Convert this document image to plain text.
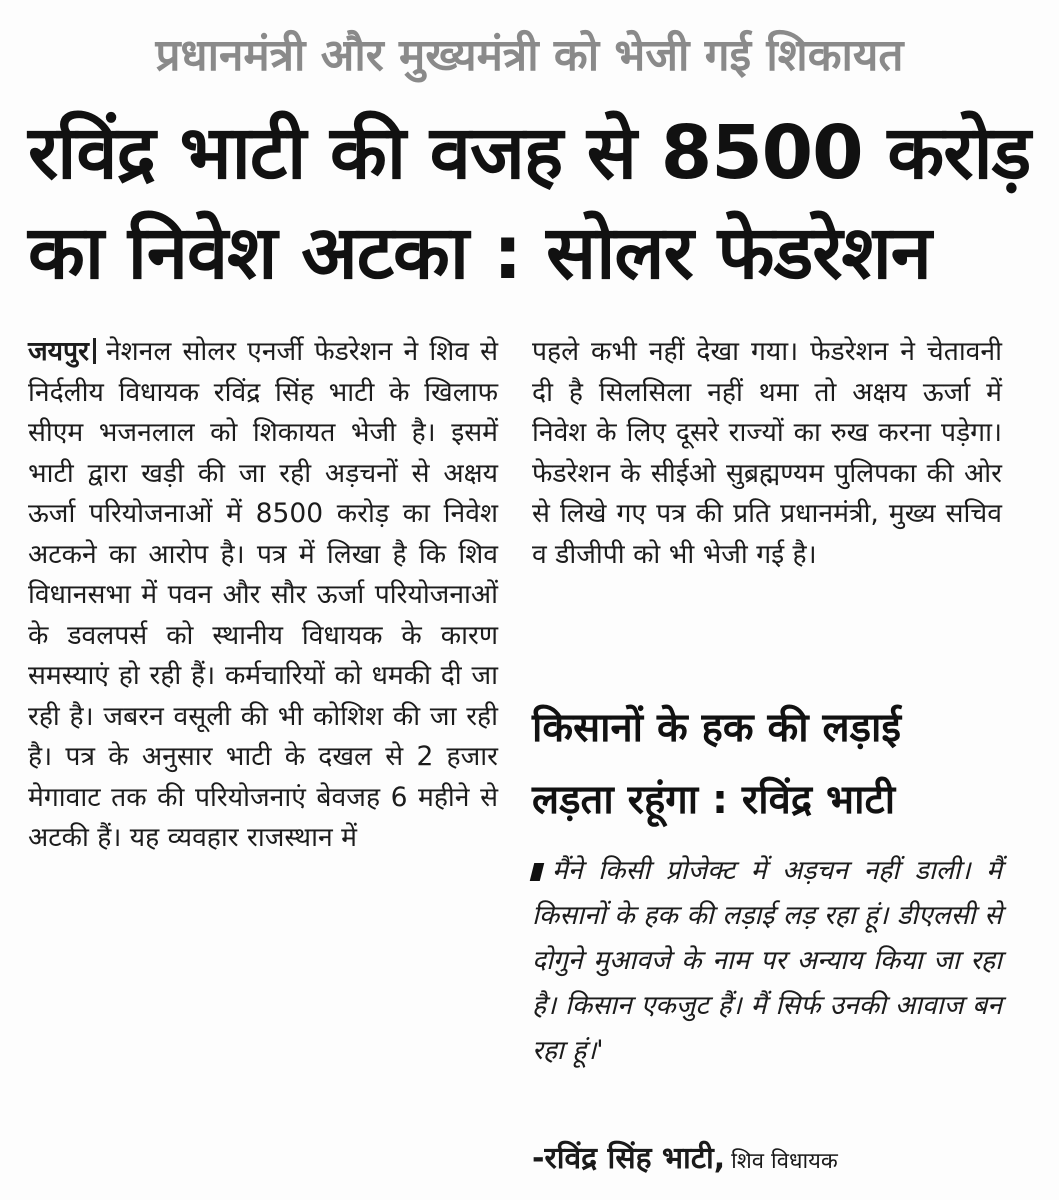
प्रधानमंत्री और मुख्यमंत्री को भेजी गई शिकायत
रविंद्र भाटी की वजह से 8500 करोड़
का निवेश अटका : सोलर फेडरेशन
जयपुर नेशनल सोलर एनर्जी फेडरेशन ने शिव से निर्दलीय विधायक रविंद्र सिंह भाटी के खिलाफ सीएम भजनलाल को शिकायत भेजी है। इसमें भाटी द्वारा खड़ी की जा रही अड़चनों से अक्षय ऊर्जा परियोजनाओं में 8500 करोड़ का निवेश अटकने का आरोप है। पत्र में लिखा है कि शिव विधानसभा में पवन और सौर ऊर्जा परियोजनाओं के डवलपर्स को स्थानीय विधायक के कारण समस्याएं हो रही हैं। कर्मचारियों को धमकी दी जा रही है। जबरन वसूली की भी कोशिश की जा रही है। पत्र के अनुसार भाटी के दखल से 2 हजार मेगावाट तक की परियोजनाएं बेवजह 6 महीने से अटकी हैं। यह व्यवहार राजस्थान में
पहले कभी नहीं देखा गया। फेडरेशन ने चेतावनी दी है सिलसिला नहीं थमा तो अक्षय ऊर्जा में निवेश के लिए दूसरे राज्यों का रुख करना पड़ेगा। फेडरेशन के सीईओ सुब्रह्मण्यम पुलिपका की ओर से लिखे गए पत्र की प्रति प्रधानमंत्री, मुख्य सचिव व डीजीपी को भी भेजी गई है।
किसानों के हक की लड़ाई
लड़ता रहूंगा : रविंद्र भाटी
मैंने किसी प्रोजेक्ट में अड़चन नहीं डाली। मैं किसानों के हक की लड़ाई लड़ रहा हूं। डीएलसी से दोगुने मुआवजे के नाम पर अन्याय किया जा रहा है। किसान एकजुट हैं। मैं सिर्फ उनकी आवाज बन रहा हूं।'
-रविंद्र सिंह भाटी, शिव विधायक
